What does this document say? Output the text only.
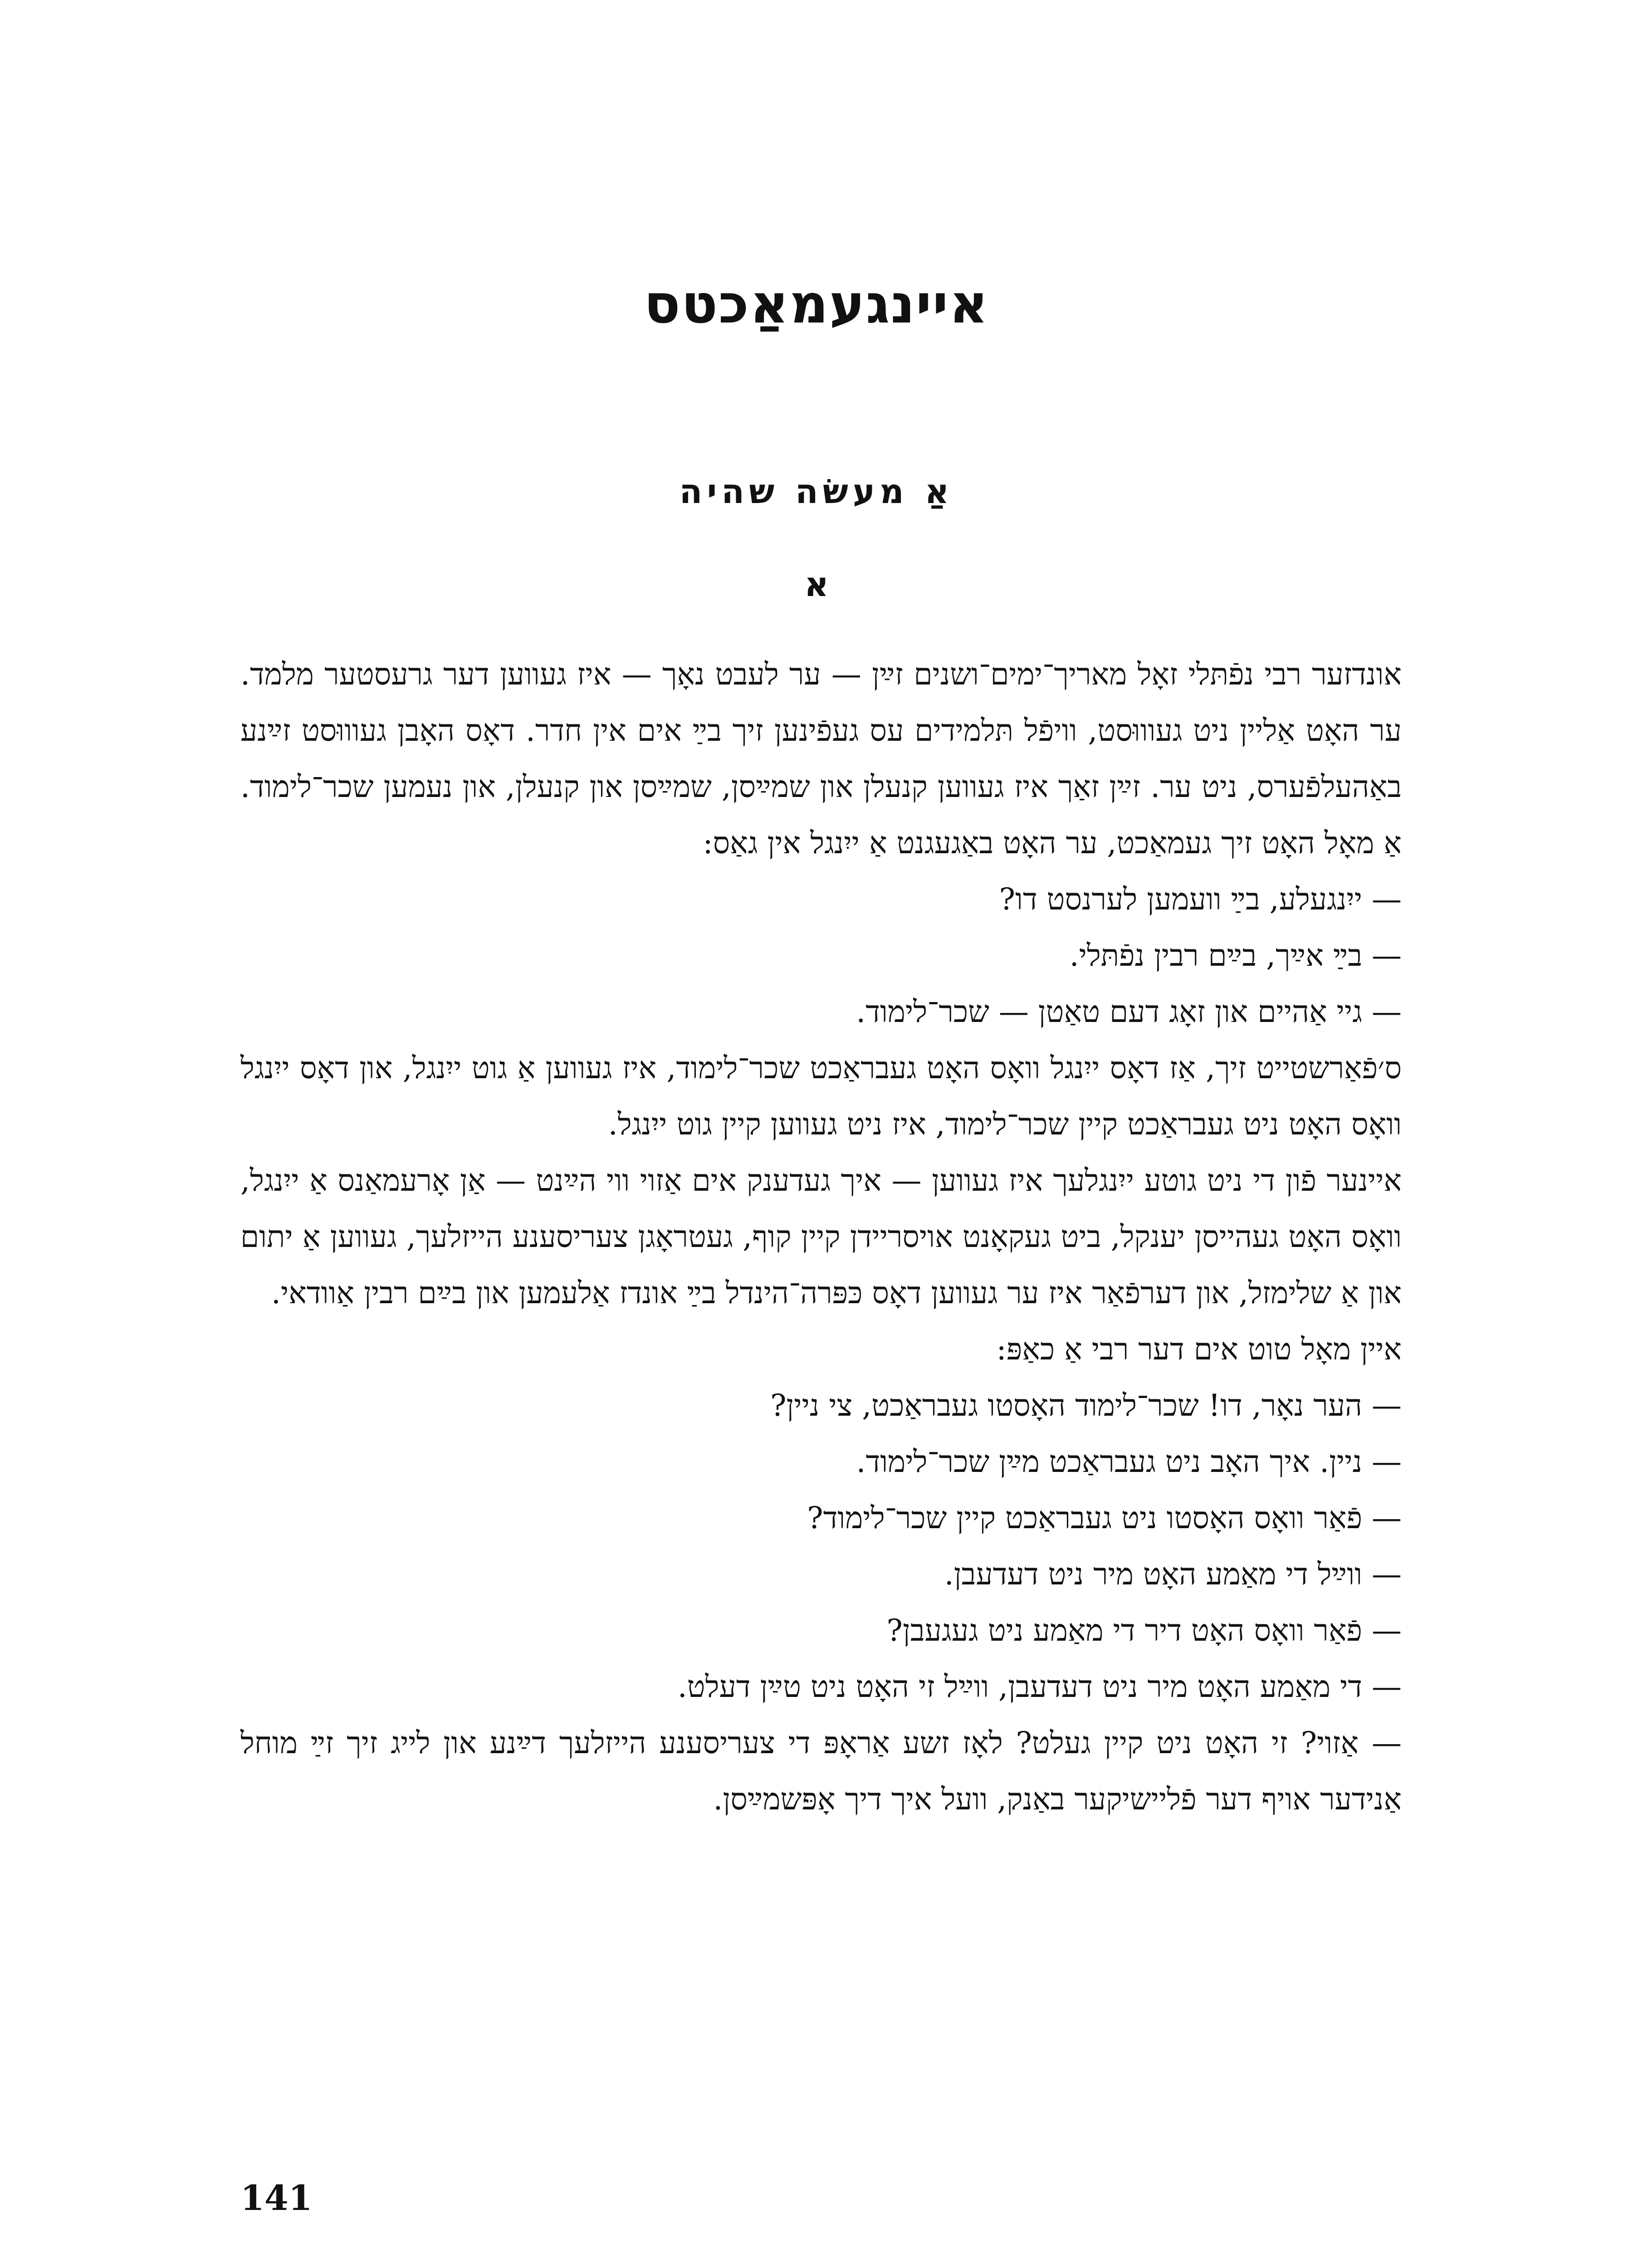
איינגעמאַכטס
אַ מעשׂה שהיה
א

אונדזער רבי נפֿתּלי זאָל מאריך־ימים־ושנים זײַן — ער לעבט נאָך — איז געווען דער גרעסטער מלמד. ער האָט אַליין ניט געוווּסט, וויפֿל תּלמידים עס געפֿינען זיך בײַ אים אין חדר. דאָס האָבן געוווּסט זײַנע באַהעלפֿערס, ניט ער. זײַן זאַך איז געווען קנעלן און שמײַסן, שמײַסן און קנעלן, און נעמען שכר־לימוד. אַ מאָל האָט זיך געמאַכט, ער האָט באַגעגנט אַ ייִנגל אין גאַס:

— ייִנגעלע, בײַ וועמען לערנסט דו?

— בײַ אײַך, בײַם רבין נפֿתּלי.

— גיי אַהיים און זאָג דעם טאַטן — שכר־לימוד.

ס׳פֿאַרשטייט זיך, אַז דאָס ייִנגל וואָס האָט געבראַכט שכר־לימוד, איז געווען אַ גוט ייִנגל, און דאָס ייִנגל וואָס האָט ניט געבראַכט קיין שכר־לימוד, איז ניט געווען קיין גוט ייִנגל.

איינער פֿון די ניט גוטע ייִנגלעך איז געווען — איך געדענק אים אַזוי ווי הײַנט — אַן אָרעמאַנס אַ ייִנגל, וואָס האָט געהייסן יענקל, ביט געקאָנט אויסריידן קיין קוף, געטראָגן צעריסענע הייזלעך, געווען אַ יתום און אַ שלימזל, און דערפֿאַר איז ער געווען דאָס כּפּרה־הינדל בײַ אונדז אַלעמען און בײַם רבין אַוודאי.

איין מאָל טוט אים דער רבי אַ כאַפּ:

— הער נאָר, דו! שכר־לימוד האָסטו געבראַכט, צי ניין?

— ניין. איך האָב ניט געבראַכט מײַן שכר־לימוד.

— פֿאַר וואָס האָסטו ניט געבראַכט קיין שכר־לימוד?

— ווײַל די מאַמע האָט מיר ניט דעדעבן.

— פֿאַר וואָס האָט דיר די מאַמע ניט געגעבן?

— די מאַמע האָט מיר ניט דעדעבן, ווײַל זי האָט ניט טײַן דעלט.

— אַזוי? זי האָט ניט קיין געלט? לאָז זשע אַראָפּ די צעריסענע הייזלעך דײַנע און לייג זיך זײַ מוחל אַנידער אויף דער פֿליישיקער באַנק, וועל איך דיך אָפּשמײַסן.

141
